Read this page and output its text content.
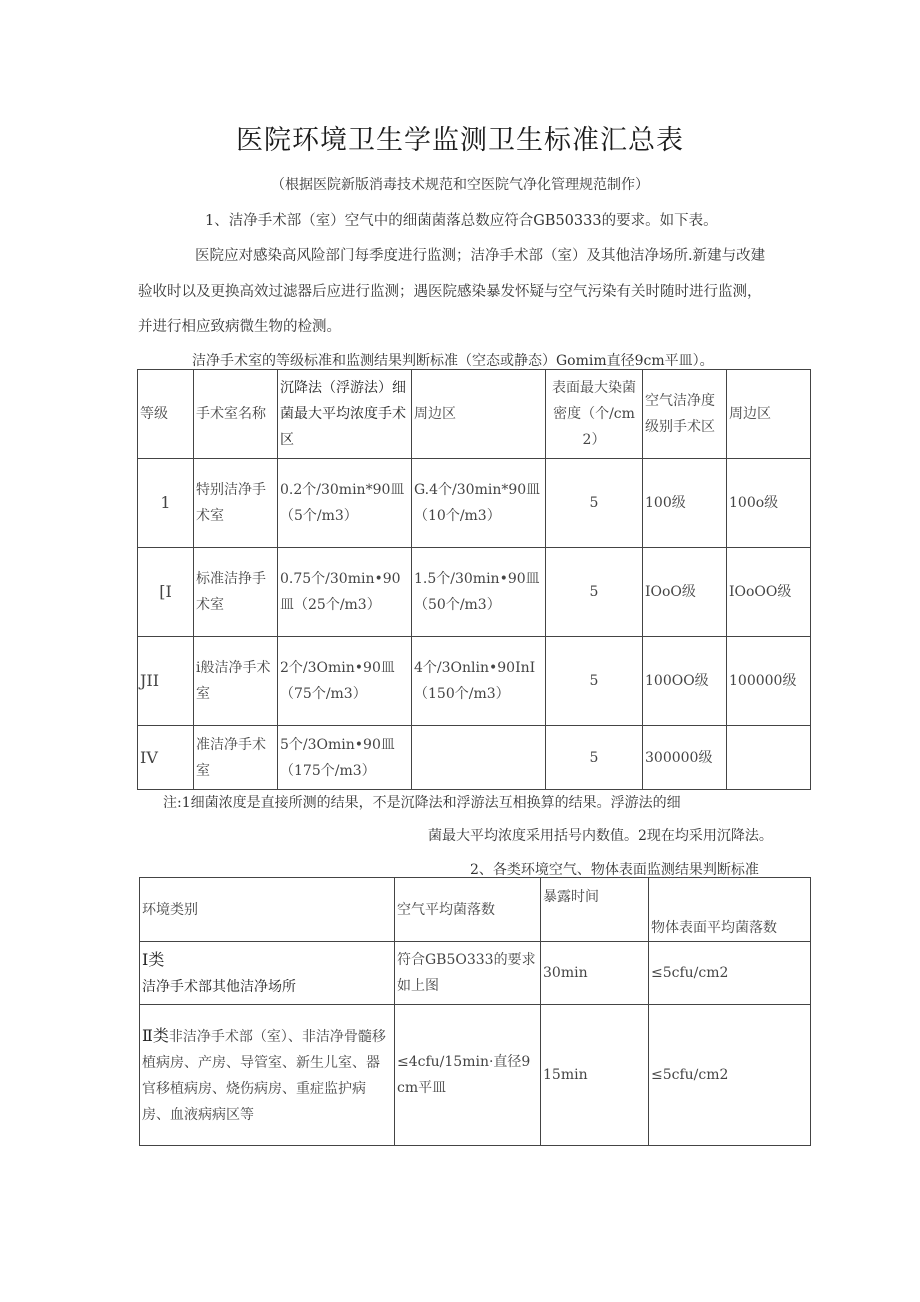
医院环境卫生学监测卫生标准汇总表
（根据医院新版消毒技术规范和空医院气净化管理规范制作）
1、洁净手术部（室）空气中的细菌菌落总数应符合GB50333的要求。如下表。
医院应对感染高风险部门每季度进行监测；洁净手术部（室）及其他洁净场所.新建与改建
验收时以及更换高效过滤器后应进行监测；遇医院感染暴发怀疑与空气污染有关时随时进行监测，
并进行相应致病微生物的检测。
洁净手术室的等级标准和监测结果判断标准（空态或静态）Gomim直径9cm平皿）。
等级	手术室名称	沉降法（浮游法）细菌最大平均浓度手术区	周边区	表面最大染菌密度（个/cm2）	空气洁净度级别手术区	周边区
1	特别洁净手术室	0.2个/30min*90皿（5个/m3）	G.4个/30min*90皿（10个/m3）	5	100级	100o级
[I	标准洁挣手术室	0.75个/30min•90皿（25个/m3）	1.5个/30min•90皿（50个/m3）	5	IOoO级	IOoOO级
JII	i般洁净手术室	2个/3Omin•90皿（75个/m3）	4个/3Onlin•90InI（150个/m3）	5	100OO级	100000级
IV	准洁净手术室	5个/3Omin•90皿（175个/m3）		5	300000级	
注:1细菌浓度是直接所测的结果，不是沉降法和浮游法互相换算的结果。浮游法的细
菌最大平均浓度采用括号内数值。2现在均采用沉降法。
2、各类环境空气、物体表面监测结果判断标准
环境类别	空气平均菌落数	暴露时间	物体表面平均菌落数
Ⅰ类
洁净手术部其他洁净场所	符合GB5O333的要求如上图	30min	≤5cfu∕cm2
Ⅱ类非洁净手术部（室）、非洁净骨髓移植病房、产房、导管室、新生儿室、器官移植病房、烧伤病房、重症监护病房、血液病病区等	≤4cfu∕15min·直径9cm平皿	15min	≤5cfu∕cm2
